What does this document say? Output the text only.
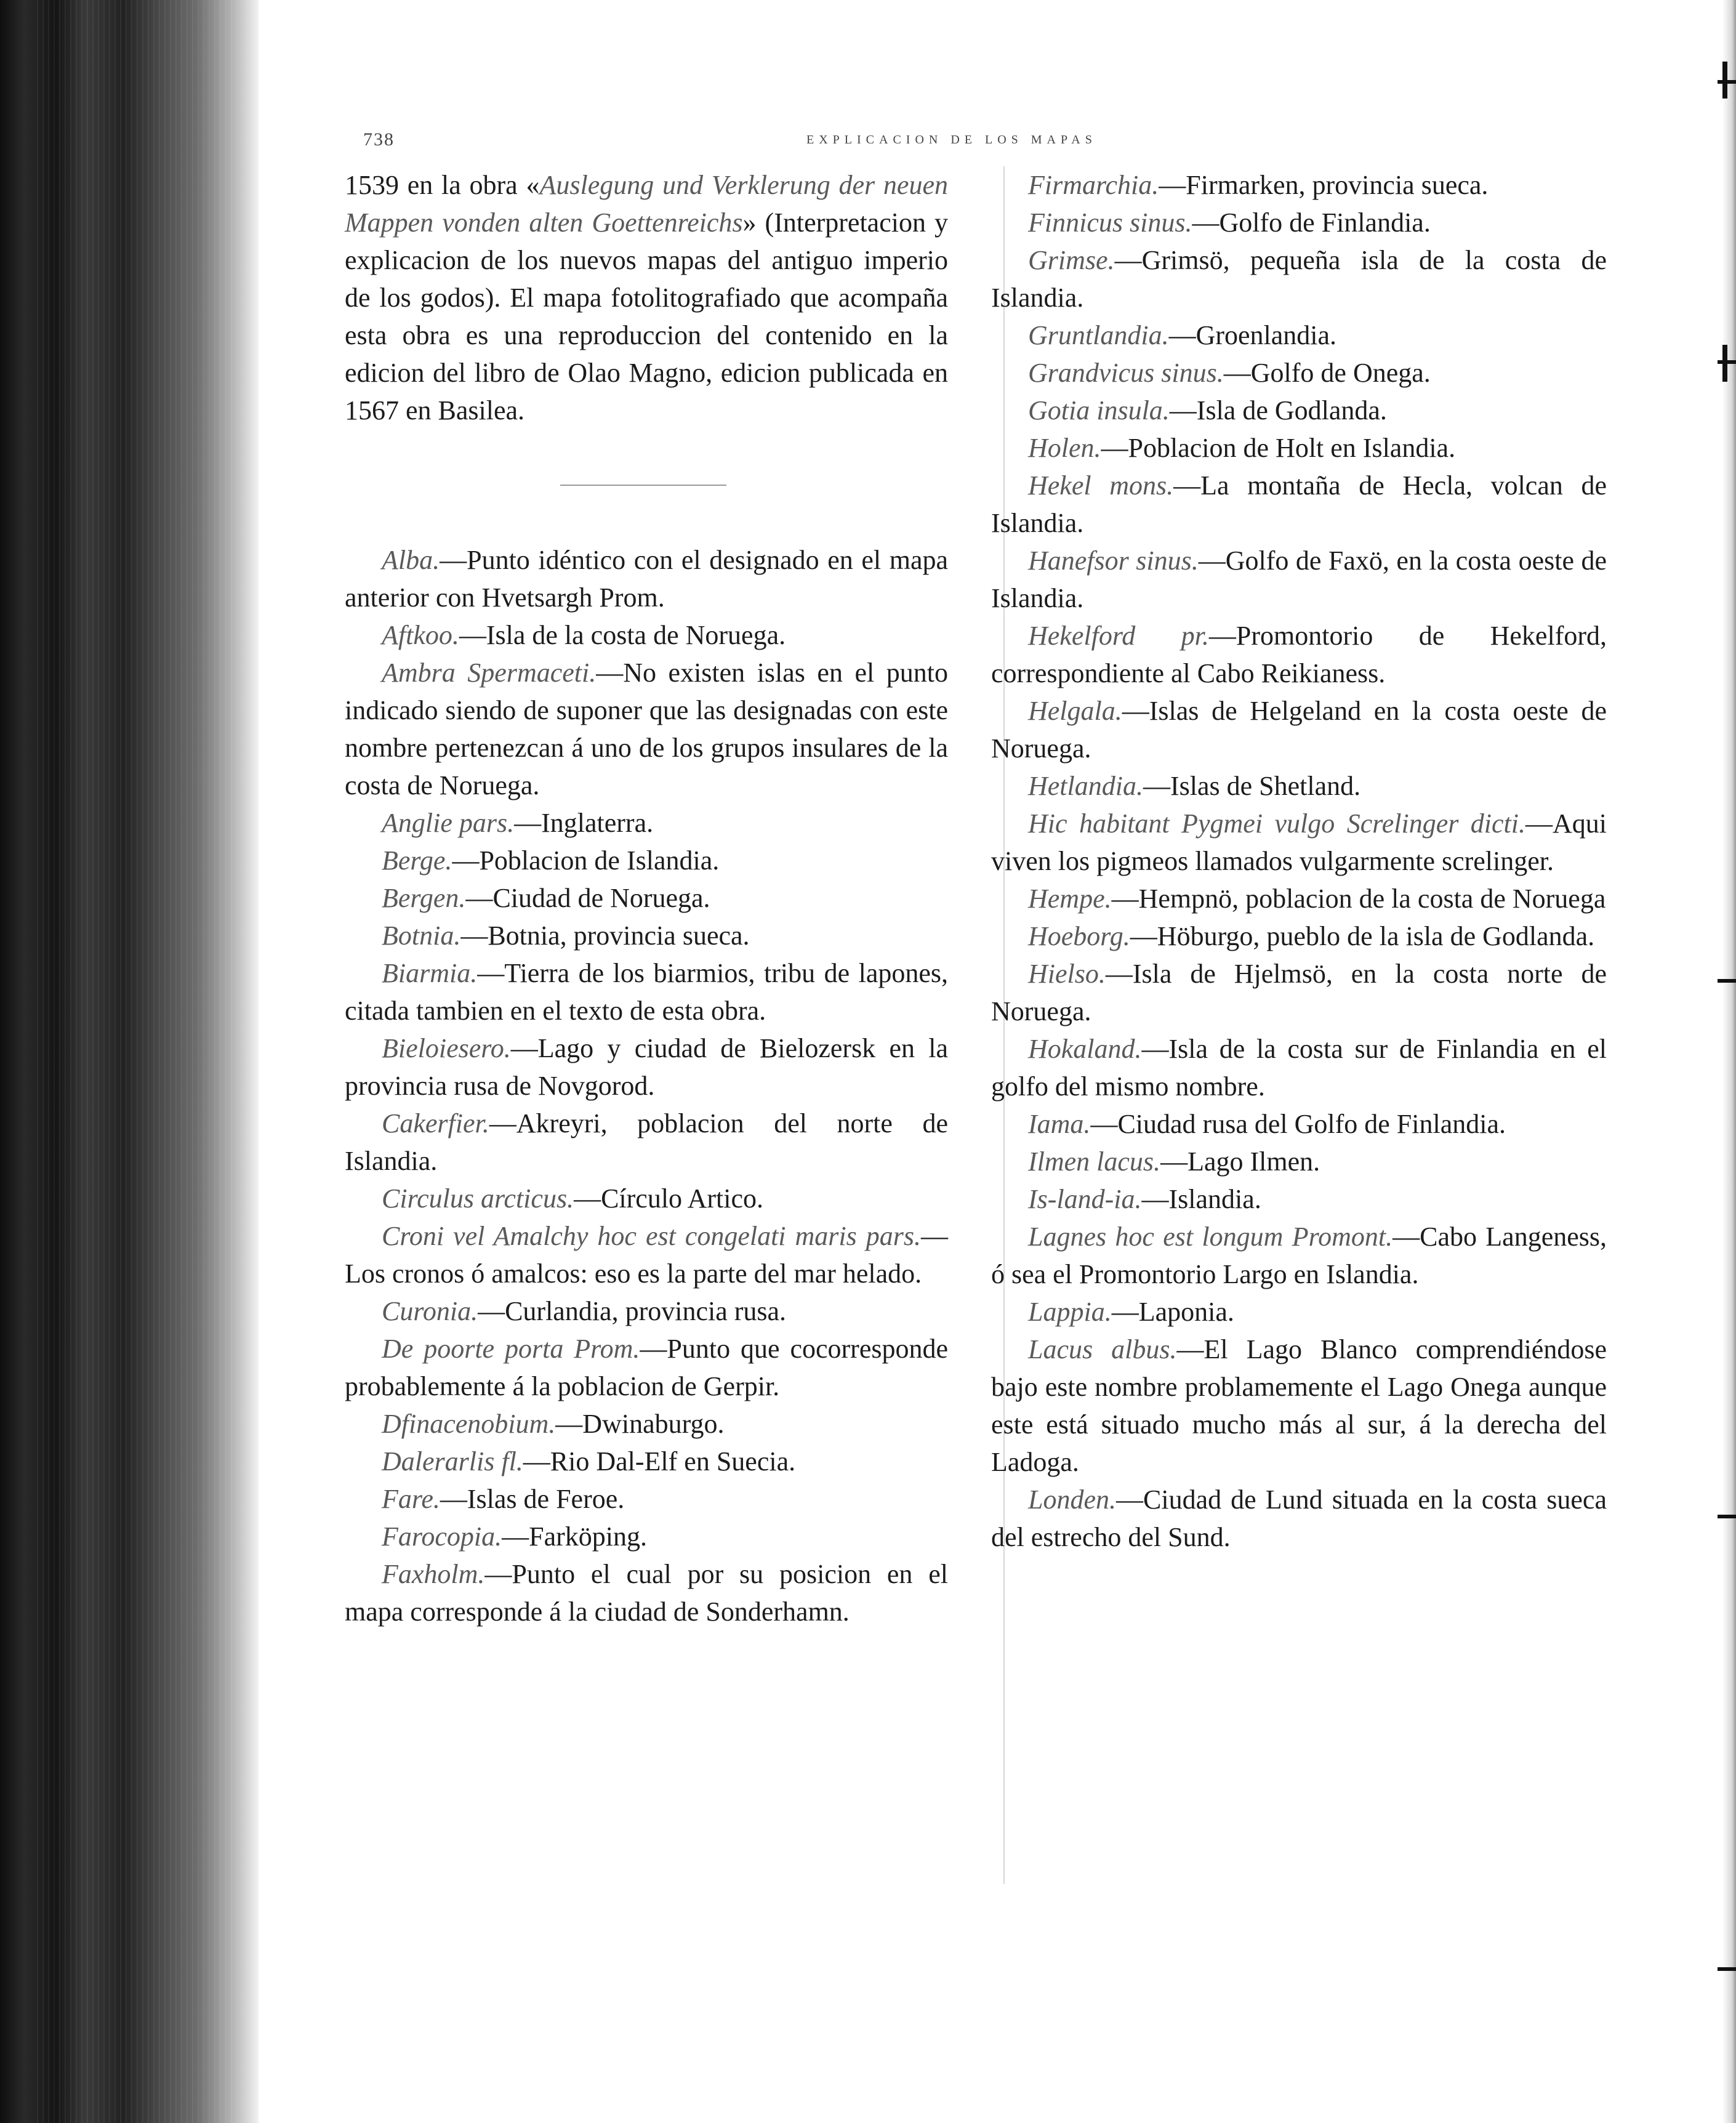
738	EXPLICACION DE LOS MAPAS

1539 en la obra «Auslegung und Verklerung der neuen Mappen vonden alten Goettenreichs» (Interpretacion y explicacion de los nuevos mapas del antiguo imperio de los godos). El mapa fotolitografiado que acompaña esta obra es una reproduccion del contenido en la edicion del libro de Olao Magno, edicion publicada en 1567 en Basilea.

Alba.—Punto idéntico con el designado en el mapa anterior con Hvetsargh Prom.

Aftkoo.—Isla de la costa de Noruega.

Ambra Spermaceti.—No existen islas en el punto indicado siendo de suponer que las designadas con este nombre pertenezcan á uno de los grupos insulares de la costa de Noruega.

Anglie pars.—Inglaterra.

Berge.—Poblacion de Islandia.

Bergen.—Ciudad de Noruega.

Botnia.—Botnia, provincia sueca.

Biarmia.—Tierra de los biarmios, tribu de lapones, citada tambien en el texto de esta obra.

Bieloiesero.—Lago y ciudad de Bielozersk en la provincia rusa de Novgorod.

Cakerfier.—Akreyri, poblacion del norte de Islandia.

Circulus arcticus.—Círculo Artico.

Croni vel Amalchy hoc est congelati maris pars.—Los cronos ó amalcos: eso es la parte del mar helado.

Curonia.—Curlandia, provincia rusa.

De poorte porta Prom.—Punto que cocorresponde probablemente á la poblacion de Gerpir.

Dfinacenobium.—Dwinaburgo.

Dalerarlis fl.—Rio Dal-Elf en Suecia.

Fare.—Islas de Feroe.

Farocopia.—Farköping.

Faxholm.—Punto el cual por su posicion en el mapa corresponde á la ciudad de Sonderhamn.

Firmarchia.—Firmarken, provincia sueca.

Finnicus sinus.—Golfo de Finlandia.

Grimse.—Grimsö, pequeña isla de la costa de Islandia.

Gruntlandia.—Groenlandia.

Grandvicus sinus.—Golfo de Onega.

Gotia insula.—Isla de Godlanda.

Holen.—Poblacion de Holt en Islandia.

Hekel mons.—La montaña de Hecla, volcan de Islandia.

Hanefsor sinus.—Golfo de Faxö, en la costa oeste de Islandia.

Hekelford pr.—Promontorio de Hekelford, correspondiente al Cabo Reikianess.

Helgala.—Islas de Helgeland en la costa oeste de Noruega.

Hetlandia.—Islas de Shetland.

Hic habitant Pygmei vulgo Screlinger dicti.—Aqui viven los pigmeos llamados vulgarmente screlinger.

Hempe.—Hempnö, poblacion de la costa de Noruega

Hoeborg.—Höburgo, pueblo de la isla de Godlanda.

Hielso.—Isla de Hjelmsö, en la costa norte de Noruega.

Hokaland.—Isla de la costa sur de Finlandia en el golfo del mismo nombre.

Iama.—Ciudad rusa del Golfo de Finlandia.

Ilmen lacus.—Lago Ilmen.

Is-land-ia.—Islandia.

Lagnes hoc est longum Promont.—Cabo Langeness, ó sea el Promontorio Largo en Islandia.

Lappia.—Laponia.

Lacus albus.—El Lago Blanco comprendiéndose bajo este nombre problamemente el Lago Onega aunque este está situado mucho más al sur, á la derecha del Ladoga.

Londen.—Ciudad de Lund situada en la costa sueca del estrecho del Sund.
